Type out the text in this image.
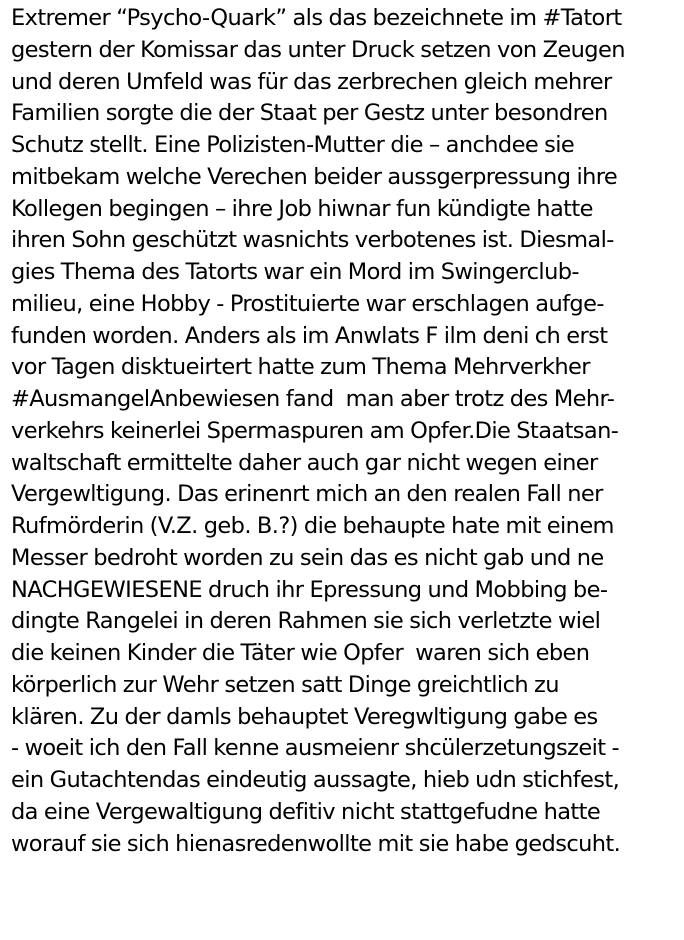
Extremer “Psycho-Quark” als das bezeichnete im #Tatort
gestern der Komissar das unter Druck setzen von Zeugen
und deren Umfeld was für das zerbrechen gleich mehrer
Familien sorgte die der Staat per Gestz unter besondren
Schutz stellt. Eine Polizisten-Mutter die – anchdee sie
mitbekam welche Verechen beider aussgerpressung ihre
Kollegen begingen – ihre Job hiwnar fun kündigte hatte
ihren Sohn geschützt wasnichts verbotenes ist. Diesmal-
gies Thema des Tatorts war ein Mord im Swingerclub-
milieu, eine Hobby - Prostituierte war erschlagen aufge-
funden worden. Anders als im Anwlats F ilm deni ch erst
vor Tagen disktueirtert hatte zum Thema Mehrverkher
#AusmangelAnbewiesen fand  man aber trotz des Mehr-
verkehrs keinerlei Spermaspuren am Opfer.Die Staatsan-
waltschaft ermittelte daher auch gar nicht wegen einer
Vergewltigung. Das erinenrt mich an den realen Fall ner
Rufmörderin (V.Z. geb. B.?) die behaupte hate mit einem
Messer bedroht worden zu sein das es nicht gab und ne
NACHGEWIESENE druch ihr Epressung und Mobbing be-
dingte Rangelei in deren Rahmen sie sich verletzte wiel
die keinen Kinder die Täter wie Opfer  waren sich eben
körperlich zur Wehr setzen satt Dinge greichtlich zu
klären. Zu der damls behauptet Veregwltigung gabe es
- woeit ich den Fall kenne ausmeienr shcülerzetungszeit -
ein Gutachtendas eindeutig aussagte, hieb udn stichfest,
da eine Vergewaltigung defitiv nicht stattgefudne hatte
worauf sie sich hienasredenwollte mit sie habe gedscuht.
